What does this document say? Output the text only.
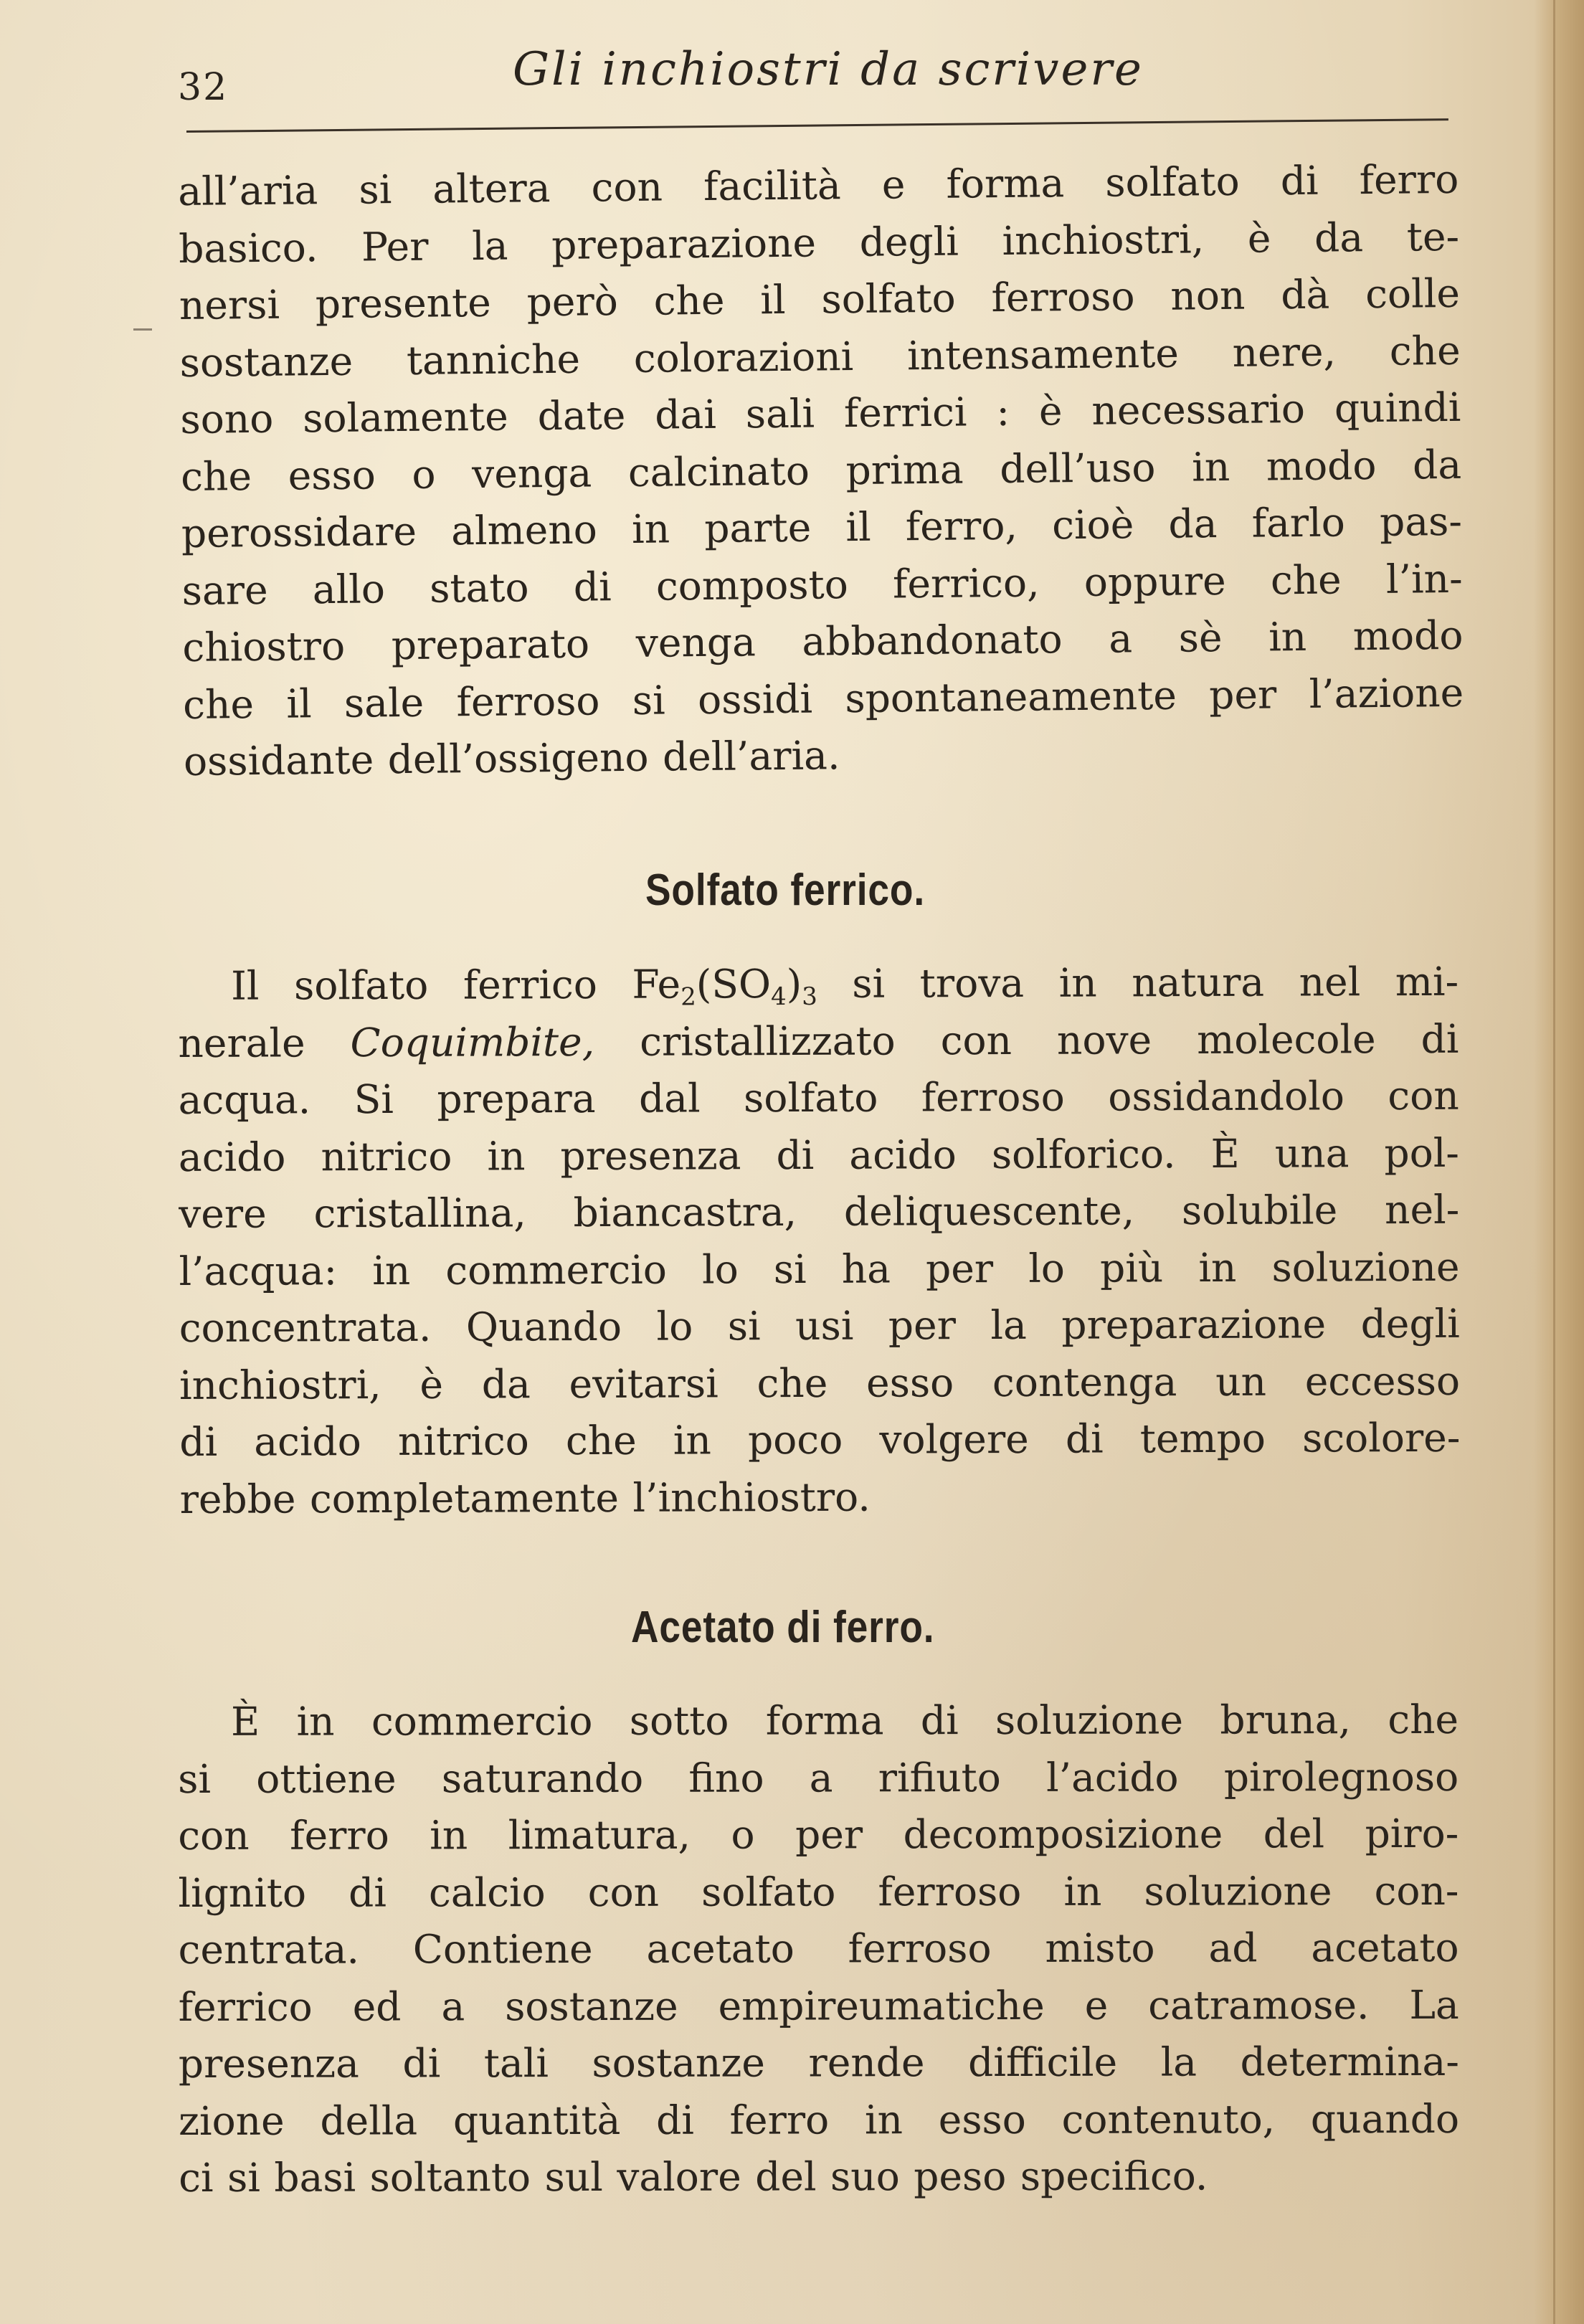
32	Gli inchiostri da scrivere
all’aria si altera con facilità e forma solfato di ferro
basico. Per la preparazione degli inchiostri, è da te-
nersi presente però che il solfato ferroso non dà colle
sostanze tanniche colorazioni intensamente nere, che
sono solamente date dai sali ferrici : è necessario quindi
che esso o venga calcinato prima dell’uso in modo da
perossidare almeno in parte il ferro, cioè da farlo pas-
sare allo stato di composto ferrico, oppure che l’in-
chiostro preparato venga abbandonato a sè in modo
che il sale ferroso si ossidi spontaneamente per l’azione
ossidante dell’ossigeno dell’aria.
Solfato ferrico.
Il solfato ferrico $Fe_2(SO_4)_3$ si trova in natura nel mi-
nerale Coquimbite, cristallizzato con nove molecole di
acqua. Si prepara dal solfato ferroso ossidandolo con
acido nitrico in presenza di acido solforico. È una pol-
vere cristallina, biancastra, deliquescente, solubile nel-
l’acqua: in commercio lo si ha per lo più in soluzione
concentrata. Quando lo si usi per la preparazione degli
inchiostri, è da evitarsi che esso contenga un eccesso
di acido nitrico che in poco volgere di tempo scolore-
rebbe completamente l’inchiostro.
Acetato di ferro.
È in commercio sotto forma di soluzione bruna, che
si ottiene saturando fino a rifiuto l’acido pirolegnoso
con ferro in limatura, o per decomposizione del piro-
lignito di calcio con solfato ferroso in soluzione con-
centrata. Contiene acetato ferroso misto ad acetato
ferrico ed a sostanze empireumatiche e catramose. La
presenza di tali sostanze rende difficile la determina-
zione della quantità di ferro in esso contenuto, quando
ci si basi soltanto sul valore del suo peso specifico.
